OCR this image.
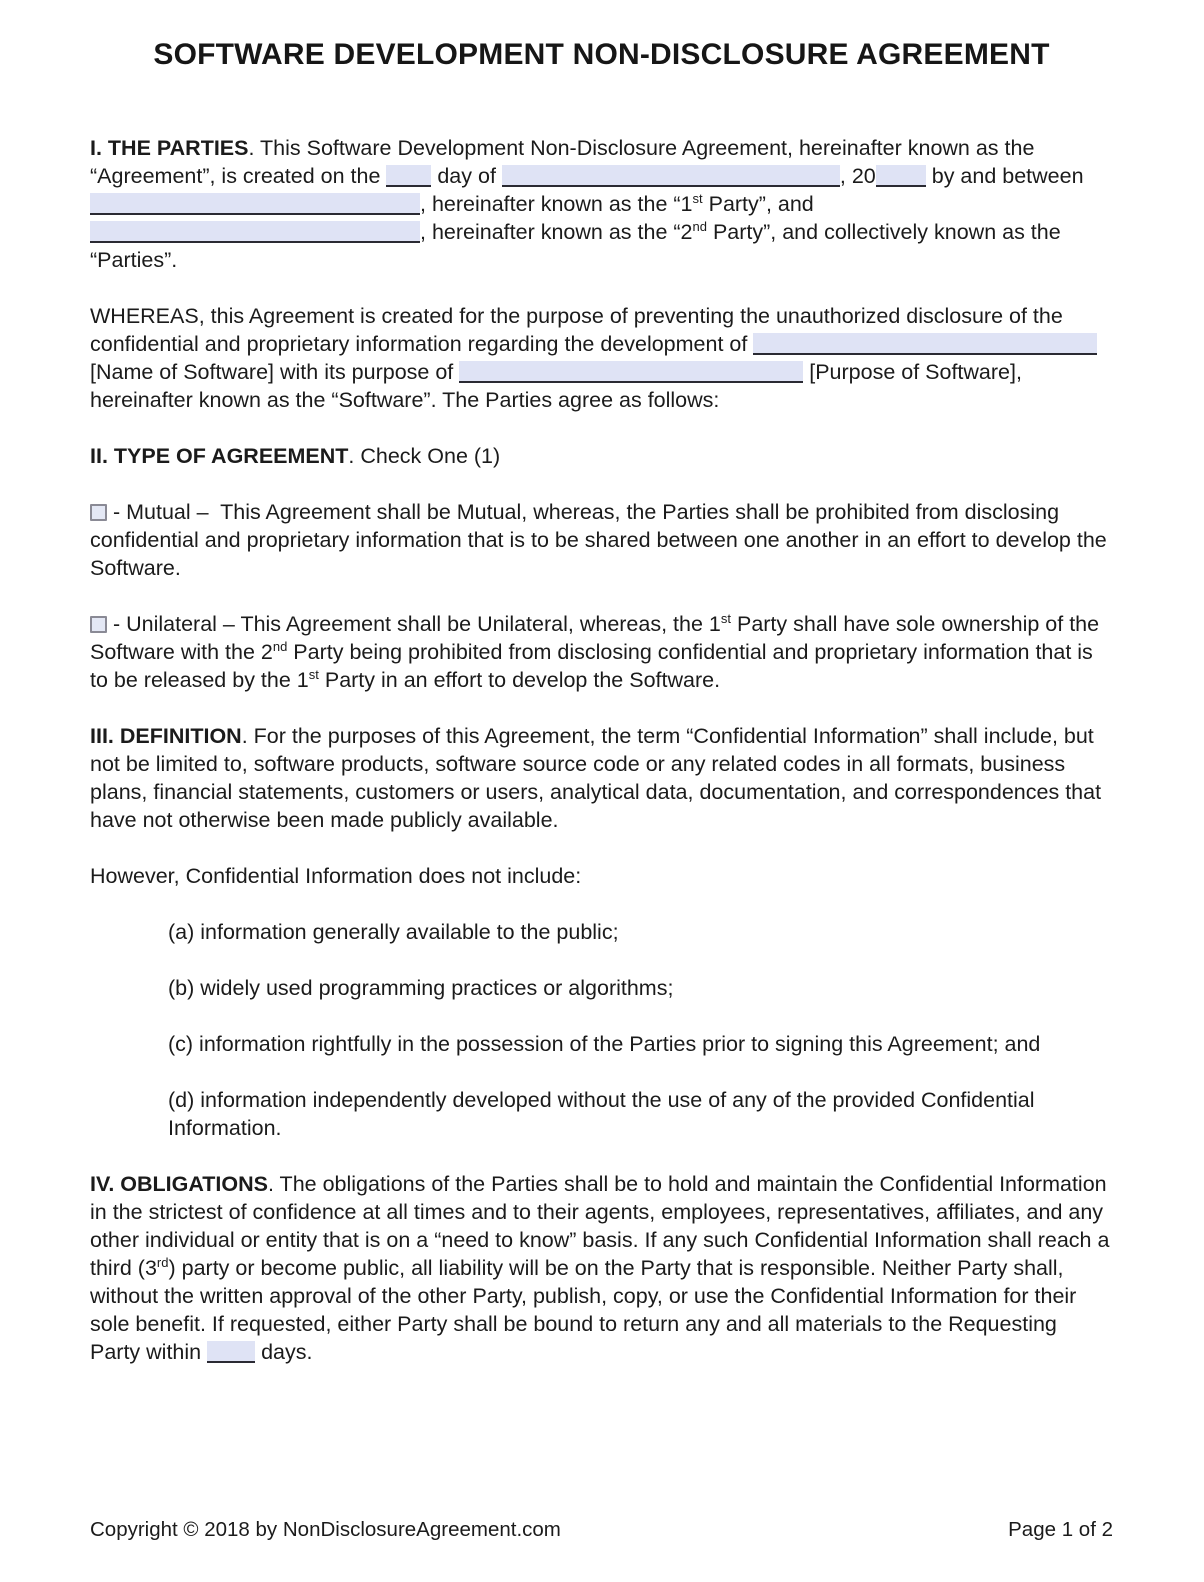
SOFTWARE DEVELOPMENT NON-DISCLOSURE AGREEMENT

I. THE PARTIES. This Software Development Non-Disclosure Agreement, hereinafter known as the “Agreement”, is created on the  day of	, 20 by and between , hereinafter known as the “1st Party”, and , hereinafter known as the “2nd Party”, and collectively known as the “Parties”.

WHEREAS, this Agreement is created for the purpose of preventing the unauthorized disclosure of the confidential and proprietary information regarding the development of  [Name of Software] with its purpose of	[Purpose of Software], hereinafter known as the “Software”. The Parties agree as follows:

II. TYPE OF AGREEMENT. Check One (1)

- Mutual –  This Agreement shall be Mutual, whereas, the Parties shall be prohibited from disclosing confidential and proprietary information that is to be shared between one another in an effort to develop the Software.

- Unilateral – This Agreement shall be Unilateral, whereas, the 1st Party shall have sole ownership of the Software with the 2nd Party being prohibited from disclosing confidential and proprietary information that is to be released by the 1st Party in an effort to develop the Software.

III. DEFINITION. For the purposes of this Agreement, the term “Confidential Information” shall include, but not be limited to, software products, software source code or any related codes in all formats, business plans, financial statements, customers or users, analytical data, documentation, and correspondences that have not otherwise been made publicly available.

However, Confidential Information does not include:

(a) information generally available to the public;

(b) widely used programming practices or algorithms;

(c) information rightfully in the possession of the Parties prior to signing this Agreement; and

(d) information independently developed without the use of any of the provided Confidential Information.

IV. OBLIGATIONS. The obligations of the Parties shall be to hold and maintain the Confidential Information in the strictest of confidence at all times and to their agents, employees, representatives, affiliates, and any other individual or entity that is on a “need to know” basis. If any such Confidential Information shall reach a third (3rd) party or become public, all liability will be on the Party that is responsible. Neither Party shall, without the written approval of the other Party, publish, copy, or use the Confidential Information for their sole benefit. If requested, either Party shall be bound to return any and all materials to the Requesting Party within  days.

Copyright © 2018 by NonDisclosureAgreement.com	Page 1 of 2
